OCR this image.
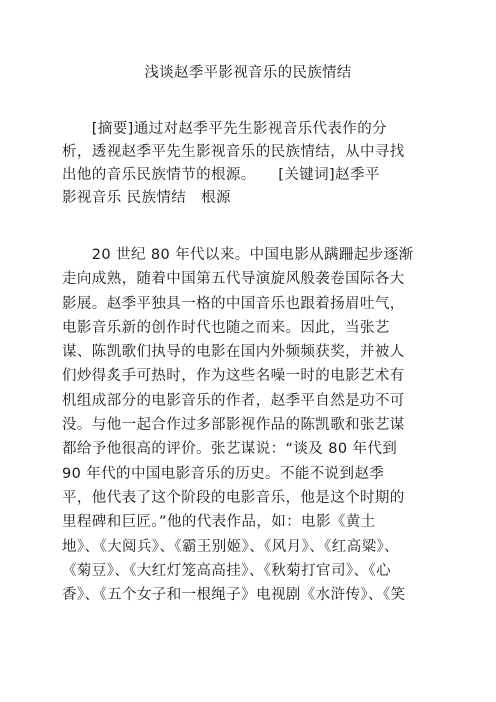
浅谈赵季平影视音乐的民族情结
　　[摘要]通过对赵季平先生影视音乐代表作的分
析，透视赵季平先生影视音乐的民族情结，从中寻找
出他的音乐民族情节的根源。　　[关键词]赵季平
影视音乐 民族情结　根源
　　20 世纪 80 年代以来。中国电影从蹒跚起步逐渐
走向成熟，随着中国第五代导演旋风般袭卷国际各大
影展。赵季平独具一格的中国音乐也跟着扬眉吐气，
电影音乐新的创作时代也随之而来。因此，当张艺
谋、陈凯歌们执导的电影在国内外频频获奖，并被人
们炒得炙手可热时，作为这些名噪一时的电影艺术有
机组成部分的电影音乐的作者，赵季平自然是功不可
没。与他一起合作过多部影视作品的陈凯歌和张艺谋
都给予他很高的评价。张艺谋说：“谈及 80 年代到
90 年代的中国电影音乐的历史。不能不说到赵季
平，他代表了这个阶段的电影音乐，他是这个时期的
里程碑和巨匠。”他的代表作品，如：电影《黄土
地》、《大阅兵》、《霸王别姬》、《风月》、《红高粱》、
《菊豆》、《大红灯笼高高挂》、《秋菊打官司》、《心
香》、《五个女子和一根绳子》电视剧《水浒传》、《笑
